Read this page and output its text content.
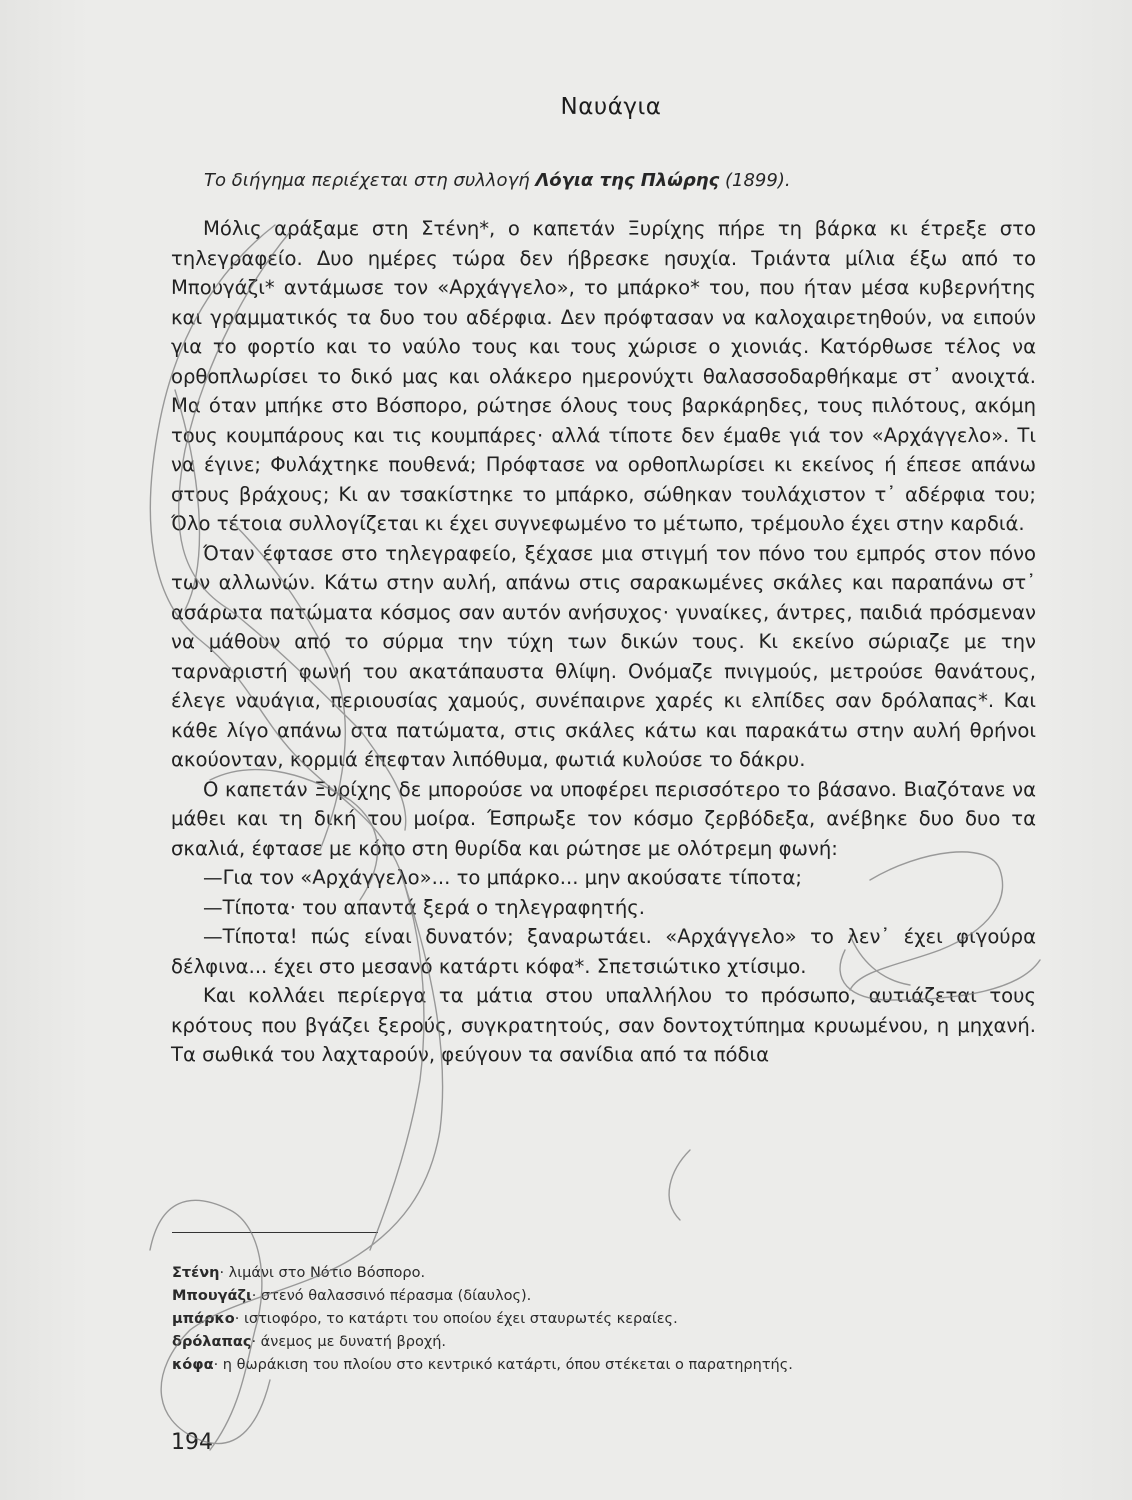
Ναυάγια
Το διήγημα περιέχεται στη συλλογή Λόγια της Πλώρης (1899).

Μόλις αράξαμε στη Στένη*, ο καπετάν Ξυρίχης πήρε τη βάρκα κι έτρεξε στο τηλεγραφείο. Δυο ημέρες τώρα δεν ήβρεσκε ησυχία. Τριάντα μίλια έξω από το Μπουγάζι* αντάμωσε τον «Αρχάγγελο», το μπάρκο* του, που ήταν μέσα κυβερνήτης και γραμματικός τα δυο του αδέρφια. Δεν πρόφτασαν να καλοχαιρετηθούν, να ειπούν για το φορτίο και το ναύλο τους και τους χώρισε ο χιονιάς. Κατόρθωσε τέλος να ορθοπλωρίσει το δικό μας και ολάκερο ημερονύχτι θαλασσοδαρθήκαμε στ᾽ ανοιχτά. Μα όταν μπήκε στο Βόσπορο, ρώτησε όλους τους βαρκάρηδες, τους πιλότους, ακόμη τους κουμπάρους και τις κουμπάρες· αλλά τίποτε δεν έμαθε γιά τον «Αρχάγγελο». Τι να έγινε; Φυλάχτηκε πουθενά; Πρόφτασε να ορθοπλωρίσει κι εκείνος ή έπεσε απάνω στους βράχους; Κι αν τσακίστηκε το μπάρκο, σώθηκαν τουλάχιστον τ᾽ αδέρφια του; Όλο τέτοια συλλογίζεται κι έχει συγνεφωμένο το μέτωπο, τρέμουλο έχει στην καρδιά.

Όταν έφτασε στο τηλεγραφείο, ξέχασε μια στιγμή τον πόνο του εμπρός στον πόνο των αλλωνών. Κάτω στην αυλή, απάνω στις σαρακωμένες σκάλες και παραπάνω στ᾽ ασάρωτα πατώματα κόσμος σαν αυτόν ανήσυχος· γυναίκες, άντρες, παιδιά πρόσμεναν να μάθουν από το σύρμα την τύχη των δικών τους. Κι εκείνο σώριαζε με την ταρναριστή φωνή του ακατάπαυστα θλίψη. Ονόμαζε πνιγμούς, μετρούσε θανάτους, έλεγε ναυάγια, περιουσίας χαμούς, συνέπαιρνε χαρές κι ελπίδες σαν δρόλαπας*. Και κάθε λίγο απάνω στα πατώματα, στις σκάλες κάτω και παρακάτω στην αυλή θρήνοι ακούονταν, κορμιά έπεφταν λιπόθυμα, φωτιά κυλούσε το δάκρυ.

Ο καπετάν Ξυρίχης δε μπορούσε να υποφέρει περισσότερο το βάσανο. Βιαζότανε να μάθει και τη δική του μοίρα. Έσπρωξε τον κόσμο ζερβόδεξα, ανέβηκε δυο δυο τα σκαλιά, έφτασε με κόπο στη θυρίδα και ρώτησε με ολότρεμη φωνή:

—Για τον «Αρχάγγελο»... το μπάρκο... μην ακούσατε τίποτα;

—Τίποτα· του απαντά ξερά ο τηλεγραφητής.

—Τίποτα! πώς είναι δυνατόν; ξαναρωτάει. «Αρχάγγελο» το λεν᾽ έχει φιγούρα δέλφινα... έχει στο μεσανό κατάρτι κόφα*. Σπετσιώτικο χτίσιμο.

Και κολλάει περίεργα τα μάτια στου υπαλλήλου το πρόσωπο, αυτιάζεται τους κρότους που βγάζει ξερούς, συγκρατητούς, σαν δοντοχτύπημα κρυωμένου, η μηχανή. Τα σωθικά του λαχταρούν, φεύγουν τα σανίδια από τα πόδια

Στένη· λιμάνι στο Νότιο Βόσπορο.
Μπουγάζι· στενό θαλασσινό πέρασμα (δίαυλος).
μπάρκο· ιστιοφόρο, το κατάρτι του οποίου έχει σταυρωτές κεραίες.
δρόλαπας· άνεμος με δυνατή βροχή.
κόφα· η θωράκιση του πλοίου στο κεντρικό κατάρτι, όπου στέκεται ο παρατηρητής.
194
